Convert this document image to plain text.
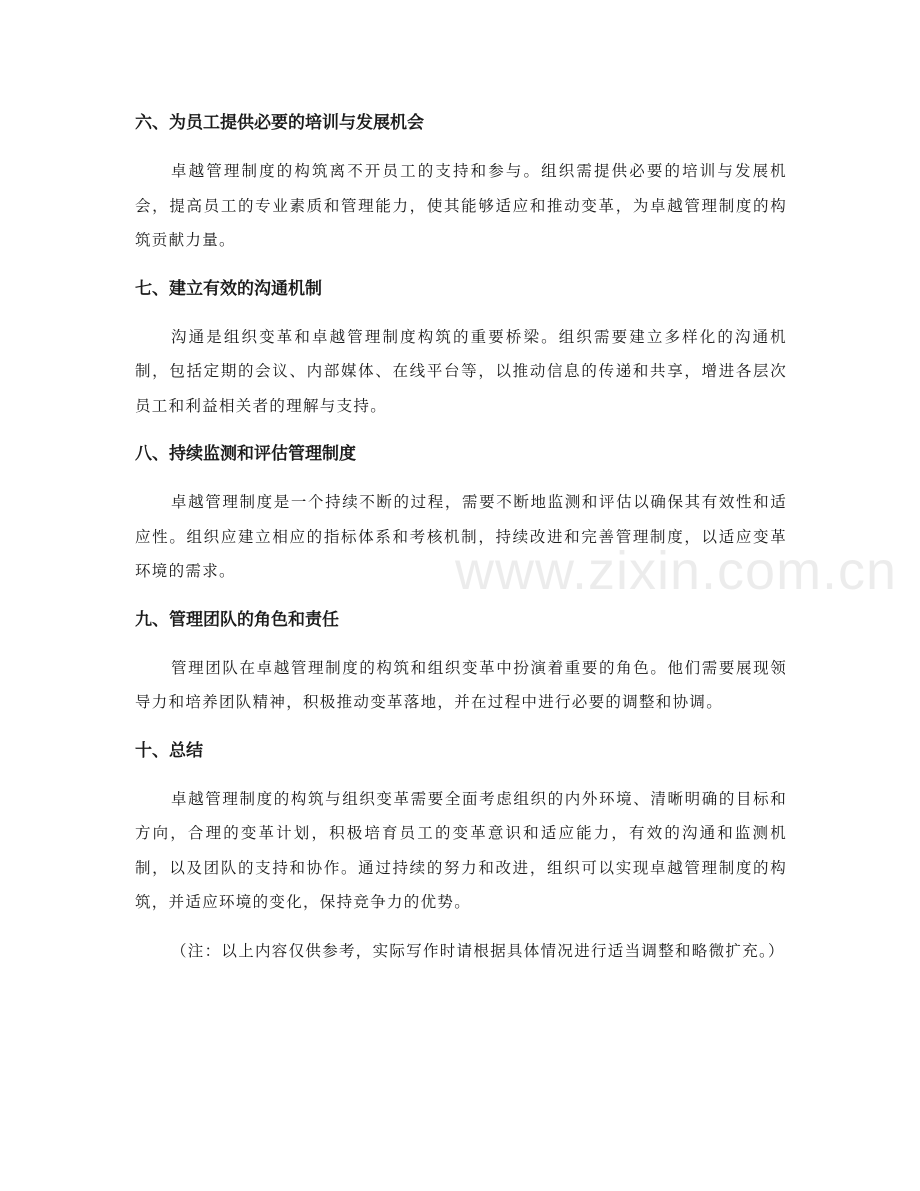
六、为员工提供必要的培训与发展机会

卓越管理制度的构筑离不开员工的支持和参与。组织需提供必要的培训与发展机会，提高员工的专业素质和管理能力，使其能够适应和推动变革，为卓越管理制度的构筑贡献力量。

七、建立有效的沟通机制

沟通是组织变革和卓越管理制度构筑的重要桥梁。组织需要建立多样化的沟通机制，包括定期的会议、内部媒体、在线平台等，以推动信息的传递和共享，增进各层次员工和利益相关者的理解与支持。

八、持续监测和评估管理制度

卓越管理制度是一个持续不断的过程，需要不断地监测和评估以确保其有效性和适应性。组织应建立相应的指标体系和考核机制，持续改进和完善管理制度，以适应变革环境的需求。

九、管理团队的角色和责任

管理团队在卓越管理制度的构筑和组织变革中扮演着重要的角色。他们需要展现领导力和培养团队精神，积极推动变革落地，并在过程中进行必要的调整和协调。

十、总结

卓越管理制度的构筑与组织变革需要全面考虑组织的内外环境、清晰明确的目标和方向，合理的变革计划，积极培育员工的变革意识和适应能力，有效的沟通和监测机制，以及团队的支持和协作。通过持续的努力和改进，组织可以实现卓越管理制度的构筑，并适应环境的变化，保持竞争力的优势。

（注：以上内容仅供参考，实际写作时请根据具体情况进行适当调整和略微扩充。）

www.zixin.com.cn
